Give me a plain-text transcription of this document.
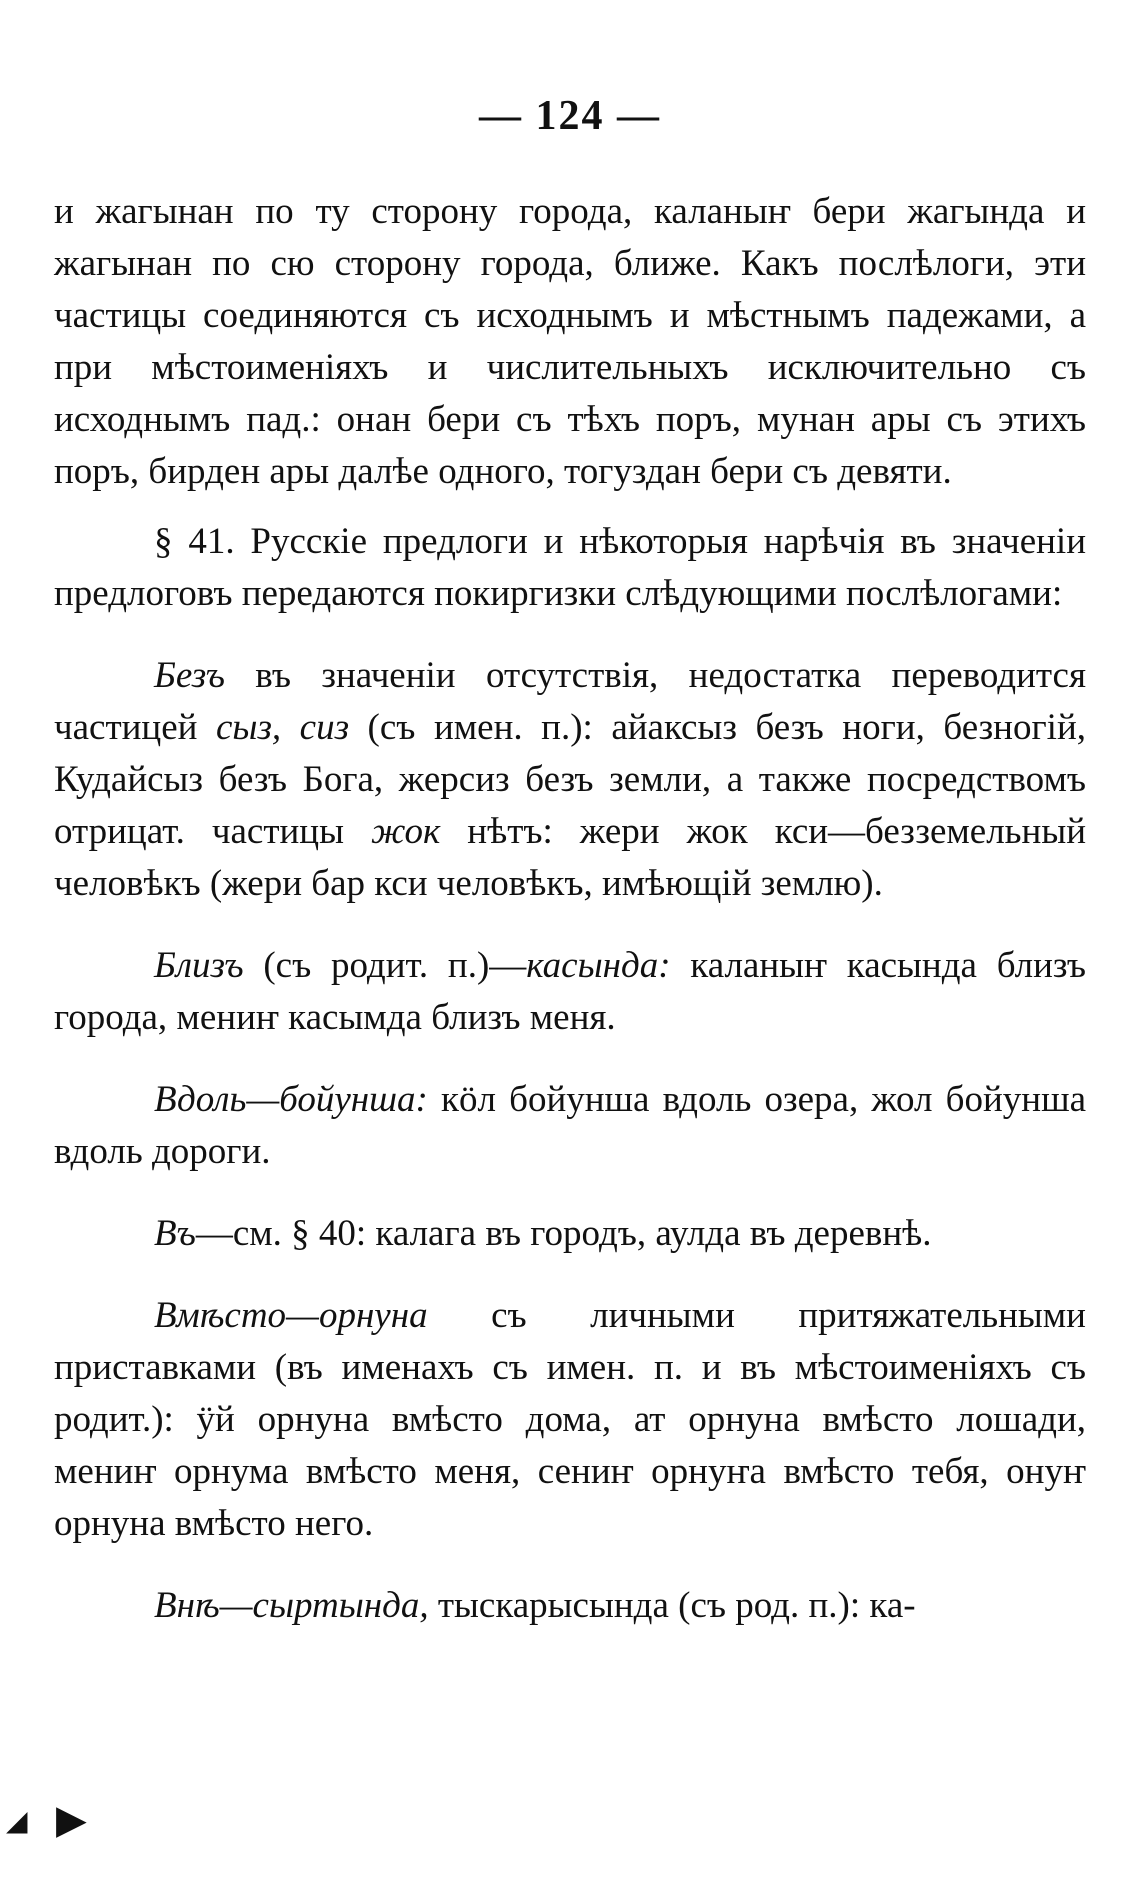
— 124 —

и жагынан по ту сторону города, каланыҥ бери жагында и жагынан по сю сторону города, ближе. Какъ послѣлоги, эти частицы соединяются съ исходнымъ и мѣстнымъ падежами, а при мѣстоименіяхъ и числительныхъ исключительно съ исходнымъ пад.: онан бери съ тѣхъ поръ, мунан ары съ этихъ поръ, бирден ары далѣе одного, тогуздан бери съ девяти.

§ 41. Русскіе предлоги и нѣкоторыя нарѣчія въ значеніи предлоговъ передаются покиргизки слѣдующими послѣлогами:

Безъ въ значеніи отсутствія, недостатка переводится частицей сыз, сиз (съ имен. п.): айаксыз безъ ноги, безногій, Кудайсыз безъ Бога, жерсиз безъ земли, а также посредствомъ отрицат. частицы жок нѣтъ: жери жок кси—безземельный человѣкъ (жери бар кси человѣкъ, имѣющій землю).

Близъ (съ родит. п.)—касында: каланыҥ касында близъ города, мениҥ касымда близъ меня.

Вдоль—бойунша: кӧл бойунша вдоль озера, жол бойунша вдоль дороги.

Въ—см. § 40: калага въ городъ, аулда въ деревнѣ.

Вмѣсто—орнуна съ личными притяжательными приставками (въ именахъ съ имен. п. и въ мѣстоименіяхъ съ родит.): ӱй орнуна вмѣсто дома, ат орнуна вмѣсто лошади, мениҥ орнума вмѣсто меня, сениҥ орнуҥа вмѣсто тебя, онуҥ орнуна вмѣсто него.

Внѣ—сыртында, тыскарысында (съ род. п.): ка-

◢ ▶
